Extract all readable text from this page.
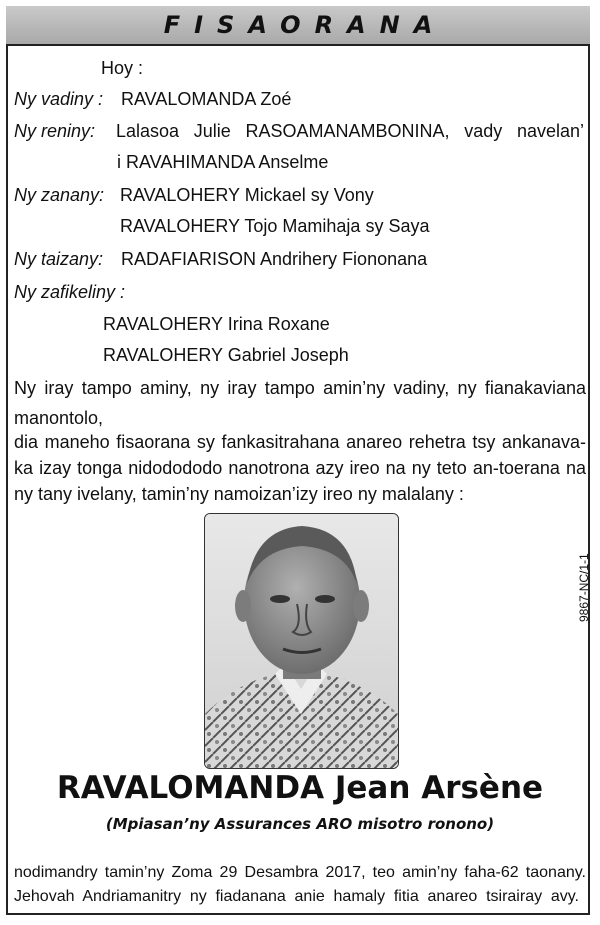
FISAORANA
Hoy :
Ny vadiny : RAVALOMANDA Zoé
Ny reniny: Lalasoa Julie RASOAMANAMBONINA, vady navelan’
i RAVAHIMANDA Anselme
Ny zanany: RAVALOHERY Mickael sy Vony
RAVALOHERY Tojo Mamihaja sy Saya
Ny taizany: RADAFIARISON Andrihery Fiononana
Ny zafikeliny :
RAVALOHERY Irina Roxane
RAVALOHERY Gabriel Joseph
Ny iray tampo aminy, ny iray tampo amin’ny vadiny, ny fianakaviana
manontolo,
dia maneho fisaorana sy fankasitrahana anareo rehetra tsy ankanava-
ka izay tonga nidodododo nanotrona azy ireo na ny teto an-toerana na
ny tany ivelany, tamin’ny namoizan’izy ireo ny malalany :
9867-NC/1-1
RAVALOMANDA Jean Arsène
(Mpiasan’ny Assurances ARO misotro ronono)
nodimandry tamin’ny Zoma 29 Desambra 2017, teo amin’ny faha-62 taonany.
Jehovah Andriamanitry ny fiadanana anie hamaly fitia anareo tsirairay avy.
